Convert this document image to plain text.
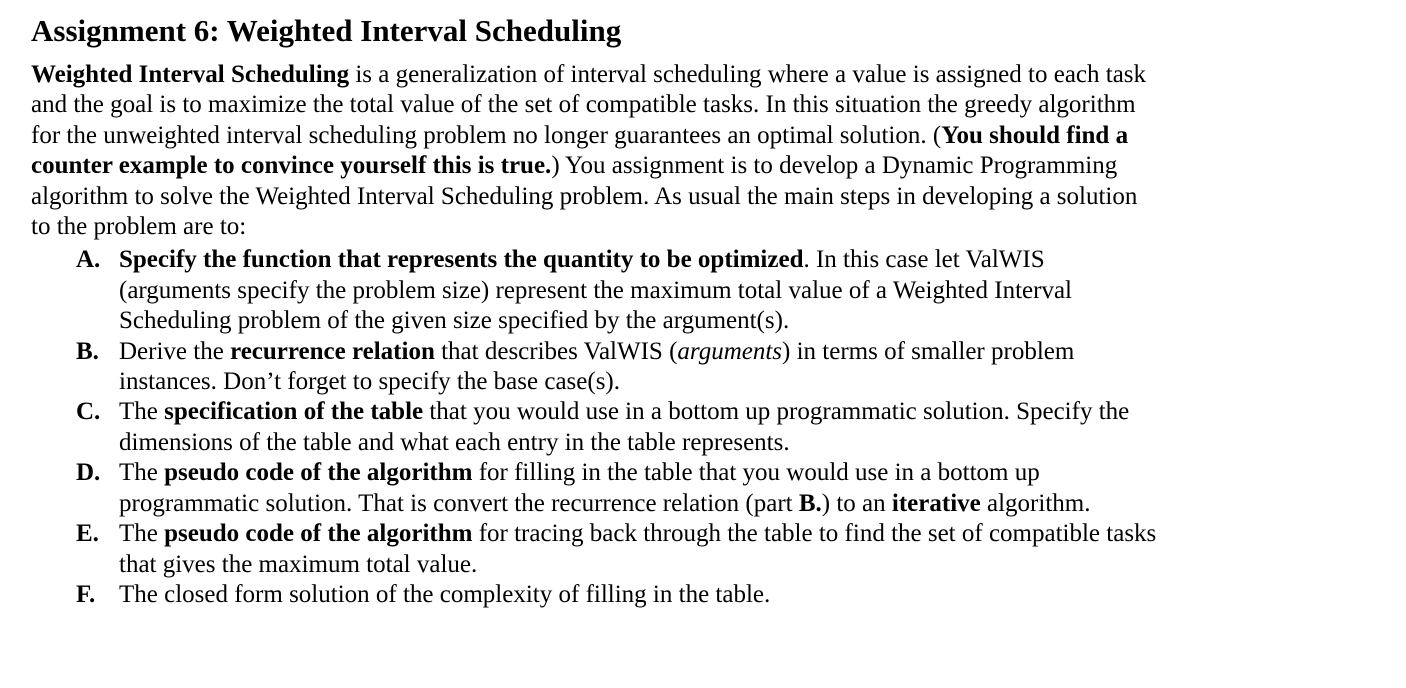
Assignment 6: Weighted Interval Scheduling

Weighted Interval Scheduling is a generalization of interval scheduling where a value is assigned to each task
and the goal is to maximize the total value of the set of compatible tasks. In this situation the greedy algorithm
for the unweighted interval scheduling problem no longer guarantees an optimal solution. (You should find a
counter example to convince yourself this is true.) You assignment is to develop a Dynamic Programming
algorithm to solve the Weighted Interval Scheduling problem. As usual the main steps in developing a solution
to the problem are to:

A. Specify the function that represents the quantity to be optimized. In this case let ValWIS
(arguments specify the problem size) represent the maximum total value of a Weighted Interval
Scheduling problem of the given size specified by the argument(s).
B. Derive the recurrence relation that describes ValWIS (arguments) in terms of smaller problem
instances. Don’t forget to specify the base case(s).
C. The specification of the table that you would use in a bottom up programmatic solution. Specify the
dimensions of the table and what each entry in the table represents.
D. The pseudo code of the algorithm for filling in the table that you would use in a bottom up
programmatic solution. That is convert the recurrence relation (part B.) to an iterative algorithm.
E. The pseudo code of the algorithm for tracing back through the table to find the set of compatible tasks
that gives the maximum total value.
F. The closed form solution of the complexity of filling in the table.
